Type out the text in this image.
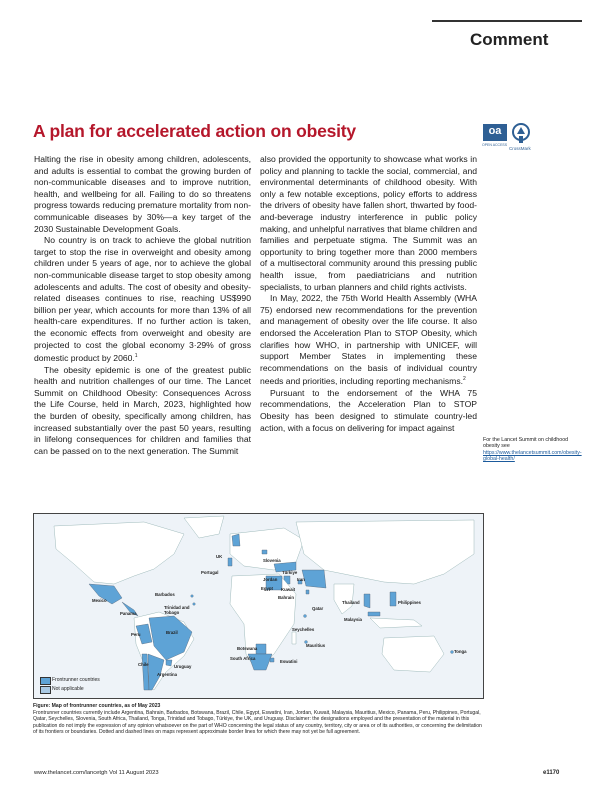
Comment
A plan for accelerated action on obesity	oa
OPEN ACCESS
CrossMark

Halting the rise in obesity among children, adolescents, and adults is essential to combat the growing burden of non-communicable diseases and to improve nutrition, health, and wellbeing for all. Failing to do so threatens progress towards reducing premature mortality from non-communicable diseases by 30%—a key target of the 2030 Sustainable Development Goals.

No country is on track to achieve the global nutrition target to stop the rise in overweight and obesity among children under 5 years of age, nor to achieve the global non-communicable disease target to stop obesity among adolescents and adults. The cost of obesity and obesity-related diseases continues to rise, reaching US$990 billion per year, which accounts for more than 13% of all health-care expenditures. If no further action is taken, the economic effects from overweight and obesity are projected to cost the global economy 3·29% of gross domestic product by 2060.$^1$

The obesity epidemic is one of the greatest public health and nutrition challenges of our time. The Lancet Summit on Childhood Obesity: Consequences Across the Life Course, held in March, 2023, highlighted how the burden of obesity, specifically among children, has increased substantially over the past 50 years, resulting in lifelong consequences for children and families that can be passed on to the next generation. The Summit

also provided the opportunity to showcase what works in policy and planning to tackle the social, commercial, and environmental determinants of childhood obesity. With only a few notable exceptions, policy efforts to address the drivers of obesity have fallen short, thwarted by food-and-beverage industry interference in public policy making, and unhelpful narratives that blame children and families and perpetuate stigma. The Summit was an opportunity to bring together more than 2000 members of a multisectoral community around this pressing public health issue, from paediatricians and nutrition specialists, to urban planners and child rights activists.

In May, 2022, the 75th World Health Assembly (WHA 75) endorsed new recommendations for the prevention and management of obesity over the life course. It also endorsed the Acceleration Plan to STOP Obesity, which clarifies how WHO, in partnership with UNICEF, will support Member States in implementing these recommendations on the basis of individual country needs and priorities, including reporting mechanisms.$^2$

Pursuant to the endorsement of the WHA 75 recommendations, the Acceleration Plan to STOP Obesity has been designed to stimulate country-led action, with a focus on delivering for impact against

For the Lancet Summit on childhood obesity see
https://www.thelancetsummit.com/obesity-global-health/
UK
Slovenia
Portugal	Türkiye
Jordan	Iran
Egypt Kuwait
Bahrain
Qatar
Thailand	Philippines
Malaysia
Mexico
Barbados
Trinidad and Tobago
Panama
Peru	Brazil
Seychelles
Mauritius
Botswana
South Africa
Eswatini
Tonga
Chile	Uruguay
Argentina
Frontrunner countries
Not applicable
Figure: Map of frontrunner countries, as of May 2023
Frontrunner countries currently include Argentina, Bahrain, Barbados, Botswana, Brazil, Chile, Egypt, Eswatini, Iran, Jordan, Kuwait, Malaysia, Mauritius, Mexico, Panama, Peru, Philippines, Portugal, Qatar, Seychelles, Slovenia, South Africa, Thailand, Tonga, Trinidad and Tobago, Türkiye, the UK, and Uruguay. Disclaimer: the designations employed and the presentation of the material in this publication do not imply the expression of any opinion whatsoever on the part of WHO concerning the legal status of any country, territory, city or area or of its authorities, or concerning the delimitation of its frontiers or boundaries. Dotted and dashed lines on maps represent approximate border lines for which there may not yet be full agreement.
www.thelancet.com/lancetgh Vol 11 August 2023	e1170
